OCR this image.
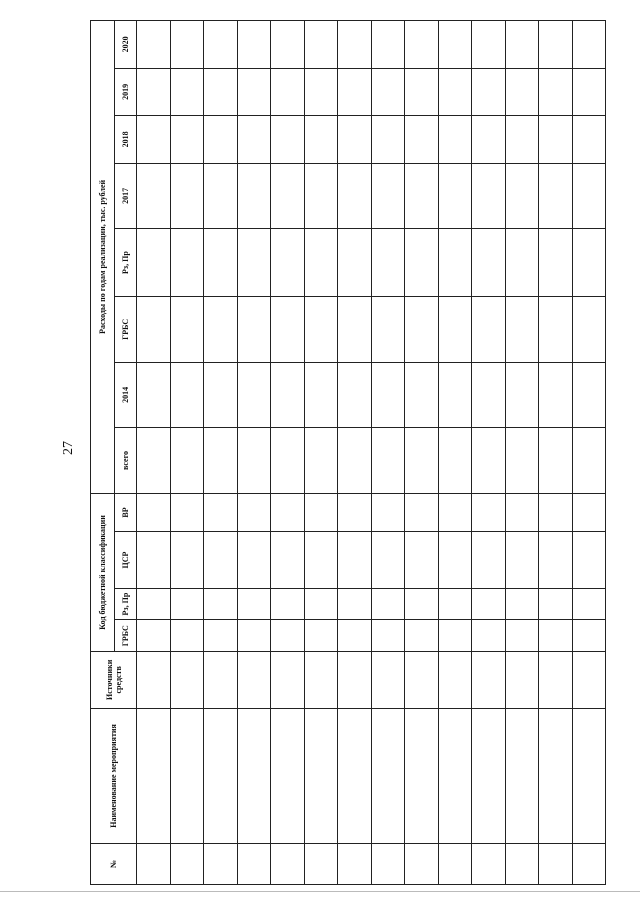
27
№	Наименование мероприятия	Источники средств	Код бюджетной классификации				Расходы по годам реализации, тыс. рублей							
			ГРБС	Рз, Пр	ЦСР	ВР	всего	2014	ГРБС	Рз, Пр	2017	2018	2019	2020
